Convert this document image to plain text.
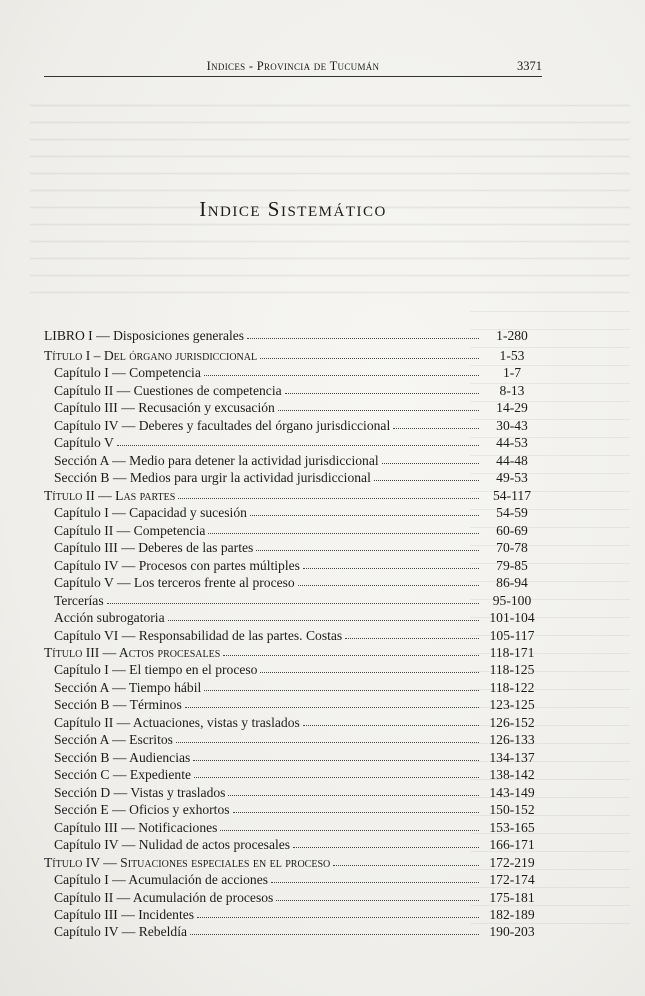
Indices - Provincia de Tucumán	3371
Indice Sistemático
LIBRO I — Disposiciones generales	1-280
Título I – Del órgano jurisdiccional	1-53
Capítulo I — Competencia	1-7
Capítulo II — Cuestiones de competencia	8-13
Capítulo III — Recusación y excusación	14-29
Capítulo IV — Deberes y facultades del órgano jurisdiccional	30-43
Capítulo V	44-53
Sección A — Medio para detener la actividad jurisdiccional	44-48
Sección B — Medios para urgir la actividad jurisdiccional	49-53
Título II — Las partes	54-117
Capítulo I — Capacidad y sucesión	54-59
Capítulo II — Competencia	60-69
Capítulo III — Deberes de las partes	70-78
Capítulo IV — Procesos con partes múltiples	79-85
Capítulo V — Los terceros frente al proceso	86-94
Tercerías	95-100
Acción subrogatoria	101-104
Capítulo VI — Responsabilidad de las partes. Costas	105-117
Título III — Actos procesales	118-171
Capítulo I — El tiempo en el proceso	118-125
Sección A — Tiempo hábil	118-122
Sección B — Términos	123-125
Capítulo II — Actuaciones, vistas y traslados	126-152
Sección A — Escritos	126-133
Sección B — Audiencias	134-137
Sección C — Expediente	138-142
Sección D — Vistas y traslados	143-149
Sección E — Oficios y exhortos	150-152
Capítulo III — Notificaciones	153-165
Capítulo IV — Nulidad de actos procesales	166-171
Título IV — Situaciones especiales en el proceso	172-219
Capítulo I — Acumulación de acciones	172-174
Capítulo II — Acumulación de procesos	175-181
Capítulo III — Incidentes	182-189
Capítulo IV — Rebeldía	190-203
